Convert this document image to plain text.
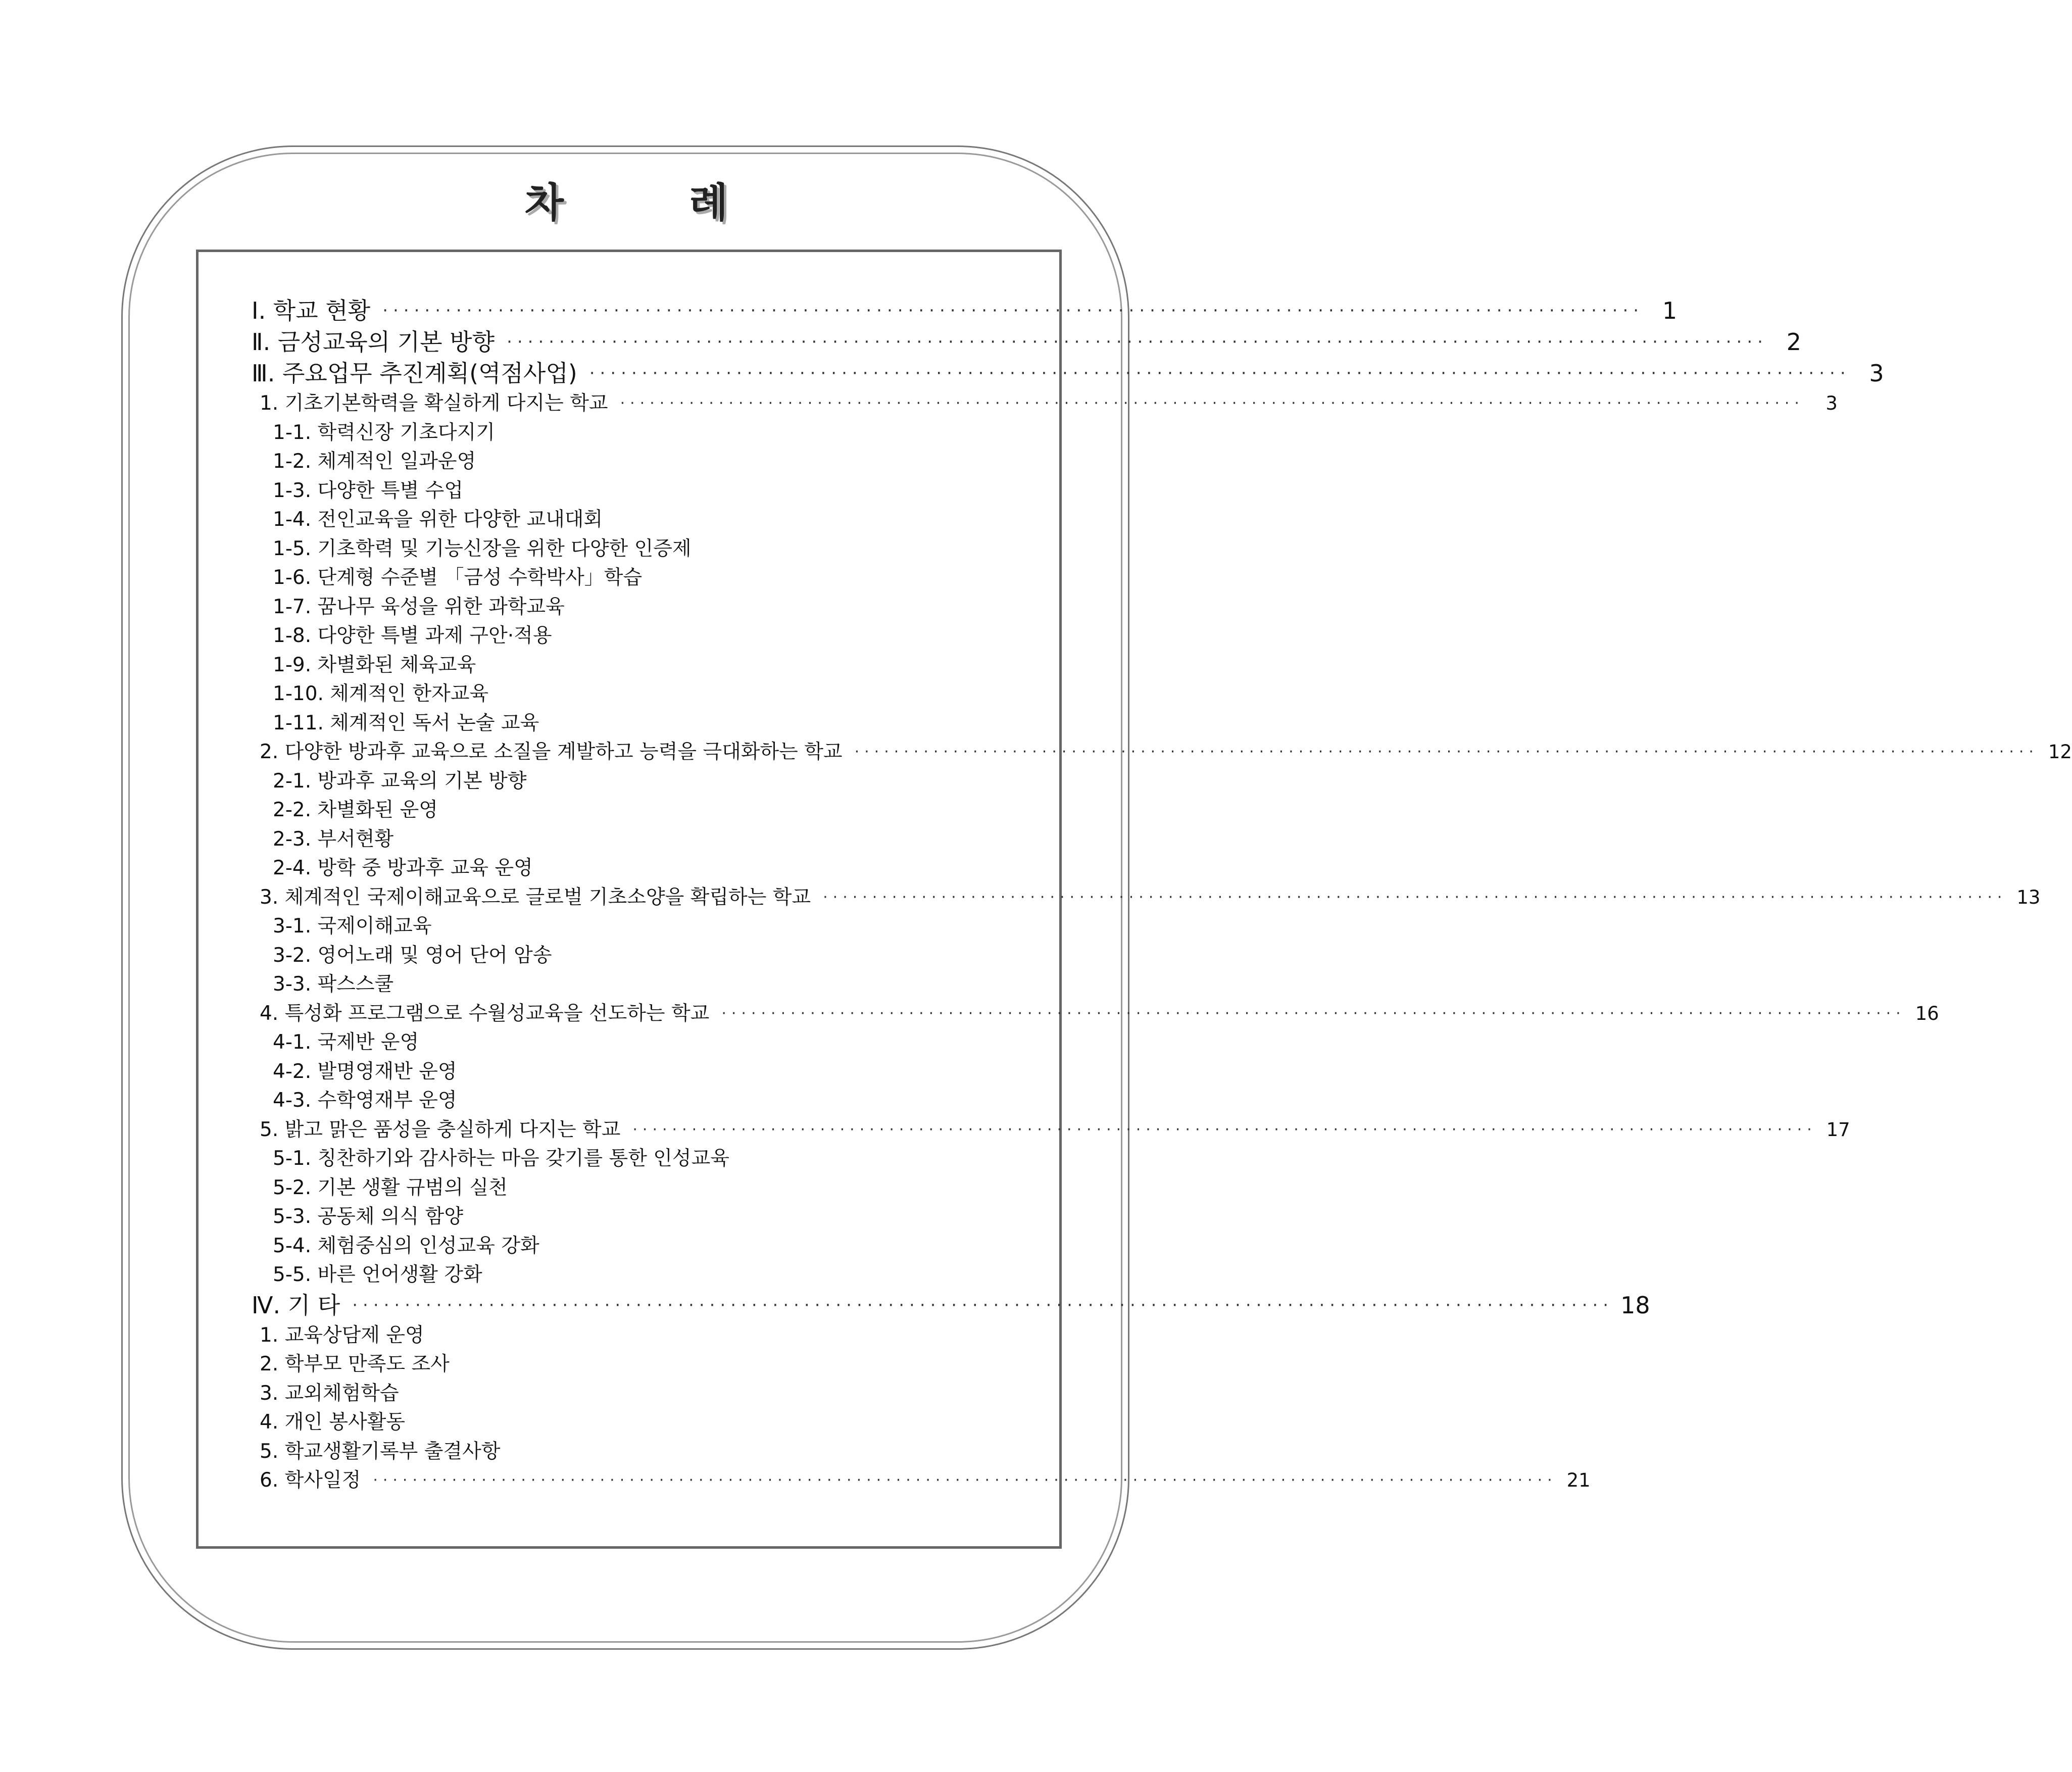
차 례
Ⅰ. 학교 현황 ························································································································ 1
Ⅱ. 금성교육의 기본 방향 ························································································································ 2
Ⅲ. 주요업무 추진계획(역점사업) ························································································································ 3
1. 기초기본학력을 확실하게 다지는 학교 ························································································································	3
1-1. 학력신장 기초다지기
1-2. 체계적인 일과운영
1-3. 다양한 특별 수업
1-4. 전인교육을 위한 다양한 교내대회
1-5. 기초학력 및 기능신장을 위한 다양한 인증제
1-6. 단계형 수준별 「금성 수학박사」학습
1-7. 꿈나무 육성을 위한 과학교육
1-8. 다양한 특별 과제 구안·적용
1-9. 차별화된 체육교육
1-10. 체계적인 한자교육
1-11. 체계적인 독서 논술 교육
2. 다양한 방과후 교육으로 소질을 계발하고 능력을 극대화하는 학교 ························································································································ 12
2-1. 방과후 교육의 기본 방향
2-2. 차별화된 운영
2-3. 부서현황
2-4. 방학 중 방과후 교육 운영
3. 체계적인 국제이해교육으로 글로벌 기초소양을 확립하는 학교 ························································································································ 13
3-1. 국제이해교육
3-2. 영어노래 및 영어 단어 암송
3-3. 팍스스쿨
4. 특성화 프로그램으로 수월성교육을 선도하는 학교 ························································································································ 16
4-1. 국제반 운영
4-2. 발명영재반 운영
4-3. 수학영재부 운영
5. 밝고 맑은 품성을 충실하게 다지는 학교 ························································································································ 17
5-1. 칭찬하기와 감사하는 마음 갖기를 통한 인성교육
5-2. 기본 생활 규범의 실천
5-3. 공동체 의식 함양
5-4. 체험중심의 인성교육 강화
5-5. 바른 언어생활 강화
Ⅳ. 기 타 ························································································································ 18
1. 교육상담제 운영
2. 학부모 만족도 조사
3. 교외체험학습
4. 개인 봉사활동
5. 학교생활기록부 출결사항
6. 학사일정 ························································································································ 21
